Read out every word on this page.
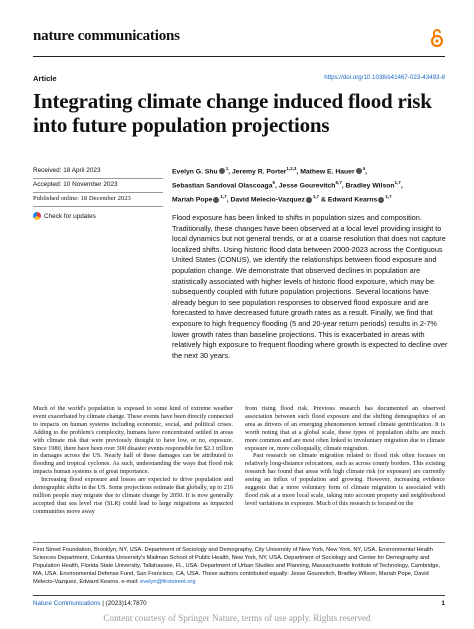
nature communications
Article	https://doi.org/10.1038/s41467-023-43493-8
Integrating climate change induced flood risk into future population projections
Received: 18 April 2023
Accepted: 10 November 2023
Published online: 18 December 2023
Check for updates
Evelyn G. Shu $^1$, Jeremy R. Porter$^{1,2,3}$, Mathew E. Hauer $^4$,
Sebastian Sandoval Olascoaga$^5$, Jesse Gourevitch$^{6,7}$, Bradley Wilson$^{1,7}$,
Mariah Pope $^{1,7}$, David Melecio-Vazquez $^{1,7}$ & Edward Kearns $^{1,7}$
Flood exposure has been linked to shifts in population sizes and composition. Traditionally, these changes have been observed at a local level providing insight to local dynamics but not general trends, or at a coarse resolution that does not capture localized shifts. Using historic flood data between 2000-2023 across the Contiguous United States (CONUS), we identify the relationships between flood exposure and population change. We demonstrate that observed declines in population are statistically associated with higher levels of historic flood exposure, which may be subsequently coupled with future population projections. Several locations have already begun to see population responses to observed flood exposure and are forecasted to have decreased future growth rates as a result. Finally, we find that exposure to high frequency flooding (5 and 20-year return periods) results in 2-7% lower growth rates than baseline projections. This is exacerbated in areas with relatively high exposure to frequent flooding where growth is expected to decline over the next 30 years.

Much of the world's population is exposed to some kind of extreme weather event exacerbated by climate change. These events have been directly connected to impacts on human systems including economic, social, and political crises. Adding to the problem's complexity, humans have concentrated settled in areas with climate risk that were previously thought to have low, or no, exposure. Since 1980, there have been over 300 disaster events responsible for $2.1 trillion in damages across the US. Nearly half of these damages can be attributed to flooding and tropical cyclones. As such, understanding the ways that flood risk impacts human systems is of great importance.

Increasing flood exposure and losses are expected to drive population and demographic shifts in the US. Some projections estimate that globally, up to 216 million people may migrate due to climate change by 2050. It is now generally accepted that sea level rise (SLR) could lead to large migrations as impacted communities move away

from rising flood risk. Previous research has documented an observed association between such flood exposure and the shifting demographics of an area as drivers of an emerging phenomenon termed climate gentrification. It is worth noting that at a global scale, these types of population shifts are much more common and are most often linked to involuntary migration due to climate exposure or, more colloquially, climate migration.

Past research on climate migration related to flood risk often focuses on relatively long-distance relocations, such as across county borders. This existing research has found that areas with high climate risk (or exposure) are currently seeing an influx of population and growing. However, increasing evidence suggests that a more voluntary form of climate migration is associated with flood risk at a more local scale, taking into account property and neighborhood level variations in exposure. Much of this research is focused on the

First Street Foundation, Brooklyn, NY, USA. Department of Sociology and Demography, City University of New York, New York, NY, USA. Environmental Health Sciences Department, Columbia University's Mailman School of Public Health, New York, NY, USA. Department of Sociology and Center for Demography and Population Health, Florida State University, Tallahassee, FL, USA. Department of Urban Studies and Planning, Massachusetts Institute of Technology, Cambridge, MA, USA. Environmental Defense Fund, San Francisco, CA, USA. These authors contributed equally: Jesse Gourevitch, Bradley Wilson, Mariah Pope, David Melecio-Vazquez, Edward Kearns. e-mail: evelyn@firststreet.org
Nature Communications | (2023)14:7870	1
Content courtesy of Springer Nature, terms of use apply. Rights reserved
